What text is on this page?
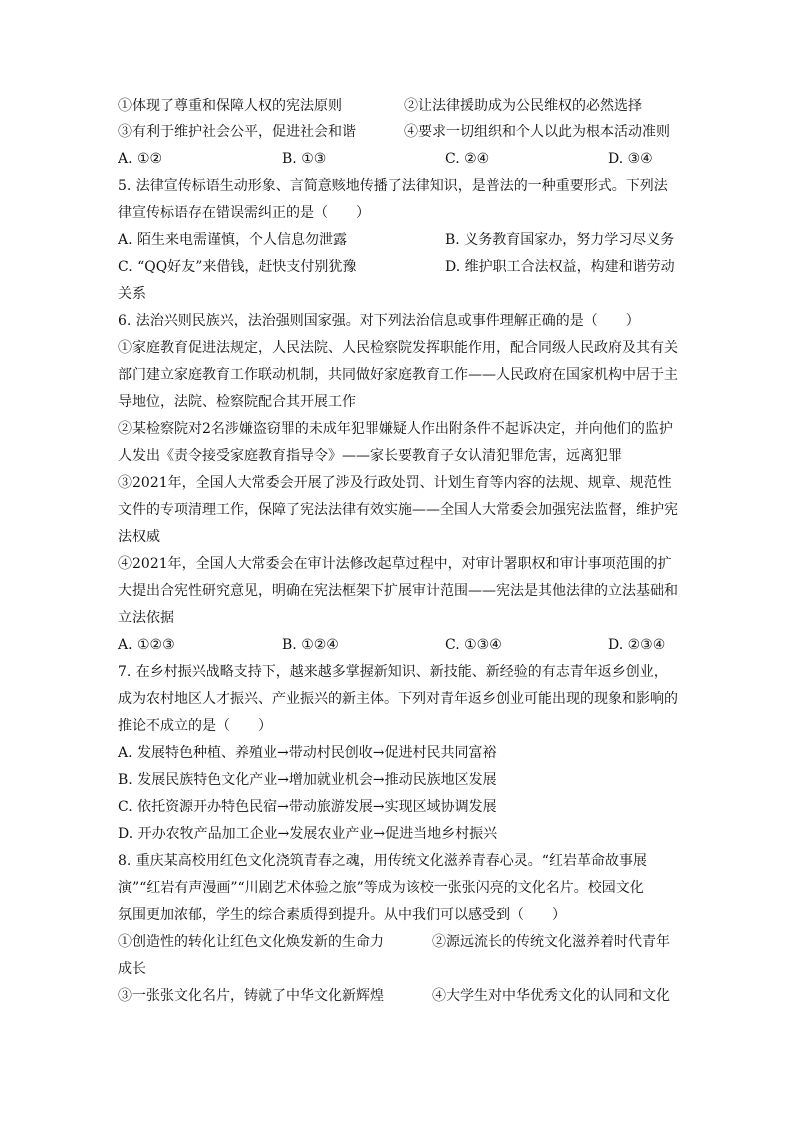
①体现了尊重和保障人权的宪法原则	②让法律援助成为公民维权的必然选择
③有利于维护社会公平，促进社会和谐	④要求一切组织和个人以此为根本活动准则
A. ①②	B. ①③	C. ②④	D. ③④
5. 法律宣传标语生动形象、言简意赅地传播了法律知识，是普法的一种重要形式。下列法
律宣传标语存在错误需纠正的是（　　）
A. 陌生来电需谨慎，个人信息勿泄露	B. 义务教育国家办，努力学习尽义务
C. “QQ好友”来借钱，赶快支付别犹豫	D. 维护职工合法权益，构建和谐劳动
关系
6. 法治兴则民族兴，法治强则国家强。对下列法治信息或事件理解正确的是（　　）
①家庭教育促进法规定，人民法院、人民检察院发挥职能作用，配合同级人民政府及其有关
部门建立家庭教育工作联动机制，共同做好家庭教育工作——人民政府在国家机构中居于主
导地位，法院、检察院配合其开展工作
②某检察院对2名涉嫌盗窃罪的未成年犯罪嫌疑人作出附条件不起诉决定，并向他们的监护
人发出《责令接受家庭教育指导令》——家长要教育子女认清犯罪危害，远离犯罪
③2021年，全国人大常委会开展了涉及行政处罚、计划生育等内容的法规、规章、规范性
文件的专项清理工作，保障了宪法法律有效实施——全国人大常委会加强宪法监督，维护宪
法权威
④2021年，全国人大常委会在审计法修改起草过程中，对审计署职权和审计事项范围的扩
大提出合宪性研究意见，明确在宪法框架下扩展审计范围——宪法是其他法律的立法基础和
立法依据
A. ①②③	B. ①②④	C. ①③④	D. ②③④
7. 在乡村振兴战略支持下，越来越多掌握新知识、新技能、新经验的有志青年返乡创业，
成为农村地区人才振兴、产业振兴的新主体。下列对青年返乡创业可能出现的现象和影响的
推论不成立的是（　　）
A. 发展特色种植、养殖业→带动村民创收→促进村民共同富裕
B. 发展民族特色文化产业→增加就业机会→推动民族地区发展
C. 依托资源开办特色民宿→带动旅游发展→实现区域协调发展
D. 开办农牧产品加工企业→发展农业产业→促进当地乡村振兴
8. 重庆某高校用红色文化浇筑青春之魂，用传统文化滋养青春心灵。“红岩革命故事展
演”“红岩有声漫画”“川剧艺术体验之旅”等成为该校一张张闪亮的文化名片。校园文化
氛围更加浓郁，学生的综合素质得到提升。从中我们可以感受到（　　）
①创造性的转化让红色文化焕发新的生命力	②源远流长的传统文化滋养着时代青年
成长
③一张张文化名片，铸就了中华文化新辉煌	④大学生对中华优秀文化的认同和文化
